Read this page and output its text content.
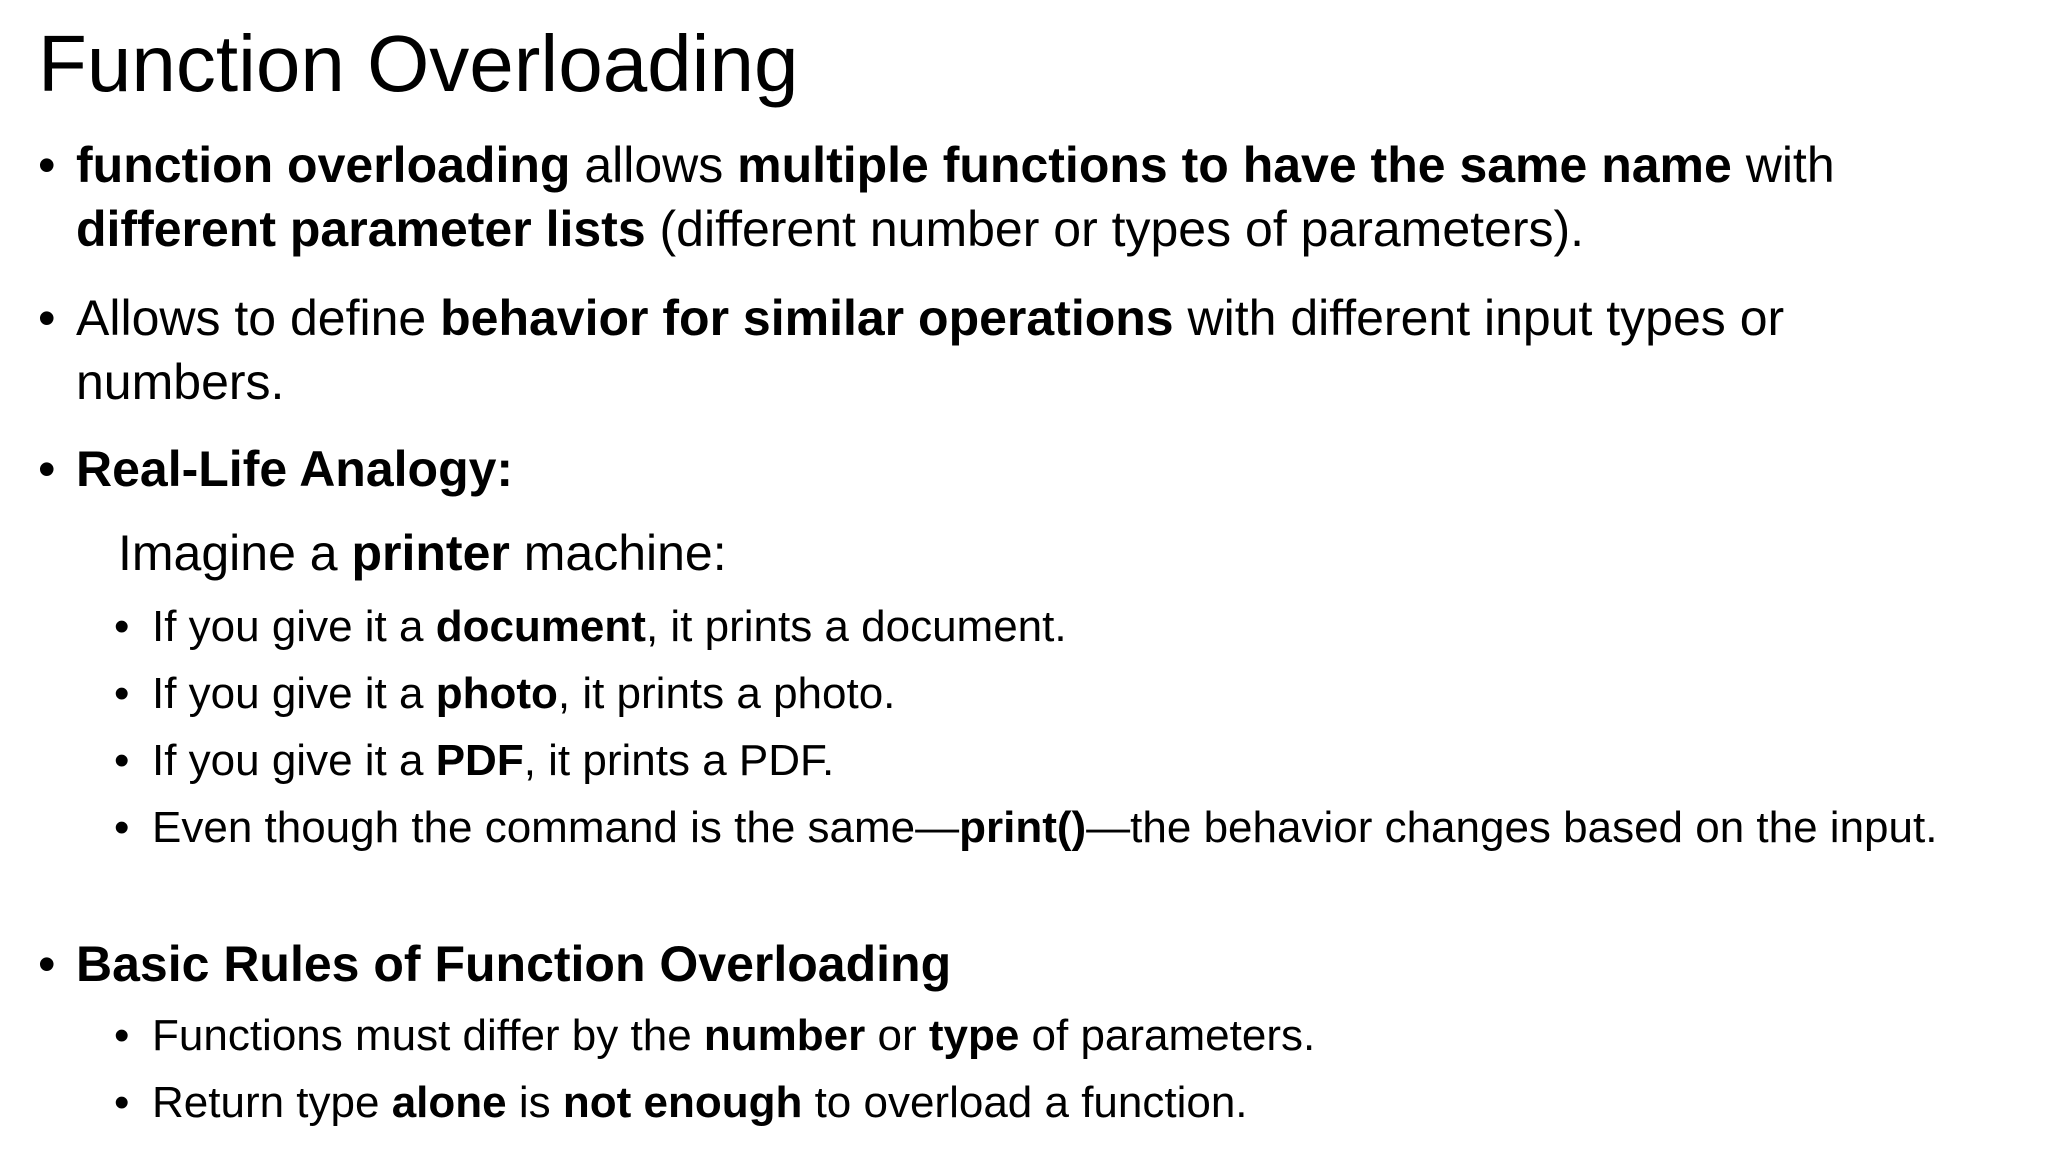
Function Overloading
• function overloading allows multiple functions to have the same name with different parameter lists (different number or types of parameters).
• Allows to define behavior for similar operations with different input types or numbers.
• Real-Life Analogy:
Imagine a printer machine:
• If you give it a document, it prints a document.
• If you give it a photo, it prints a photo.
• If you give it a PDF, it prints a PDF.
• Even though the command is the same—print()—the behavior changes based on the input.
• Basic Rules of Function Overloading
• Functions must differ by the number or type of parameters.
• Return type alone is not enough to overload a function.
